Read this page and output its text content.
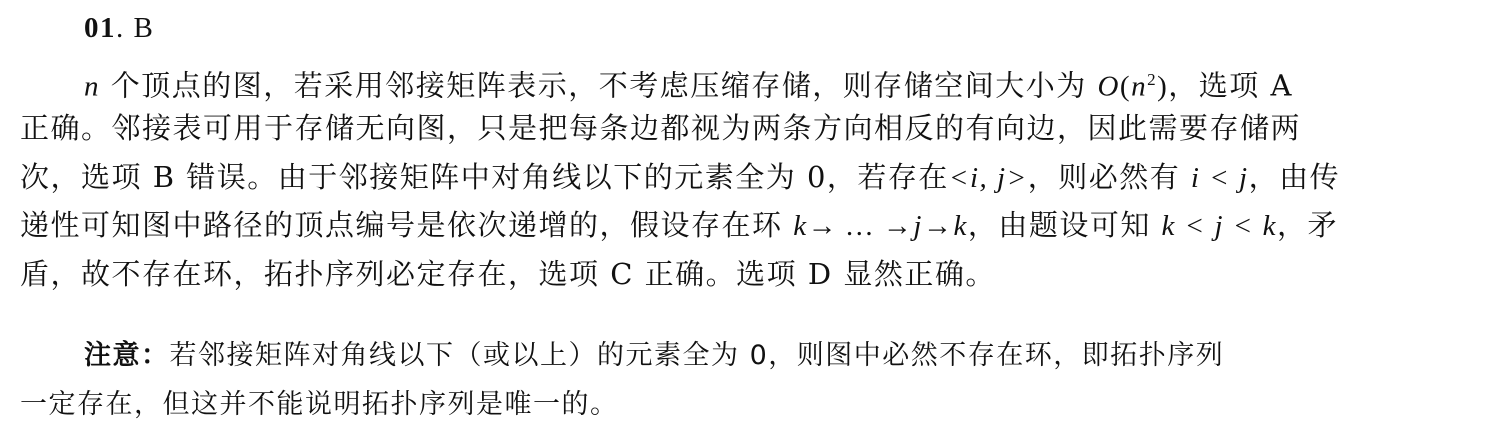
01. B
n 个顶点的图，若采用邻接矩阵表示，不考虑压缩存储，则存储空间大小为 $O(n^2)$，选项 A
正确。邻接表可用于存储无向图，只是把每条边都视为两条方向相反的有向边，因此需要存储两
次，选项 B 错误。由于邻接矩阵中对角线以下的元素全为 0，若存在<i, j>，则必然有 i < j，由传
递性可知图中路径的顶点编号是依次递增的，假设存在环 k→ … →j→k，由题设可知 k < j < k，矛
盾，故不存在环，拓扑序列必定存在，选项 C 正确。选项 D 显然正确。
注意：若邻接矩阵对角线以下（或以上）的元素全为 0，则图中必然不存在环，即拓扑序列
一定存在，但这并不能说明拓扑序列是唯一的。
